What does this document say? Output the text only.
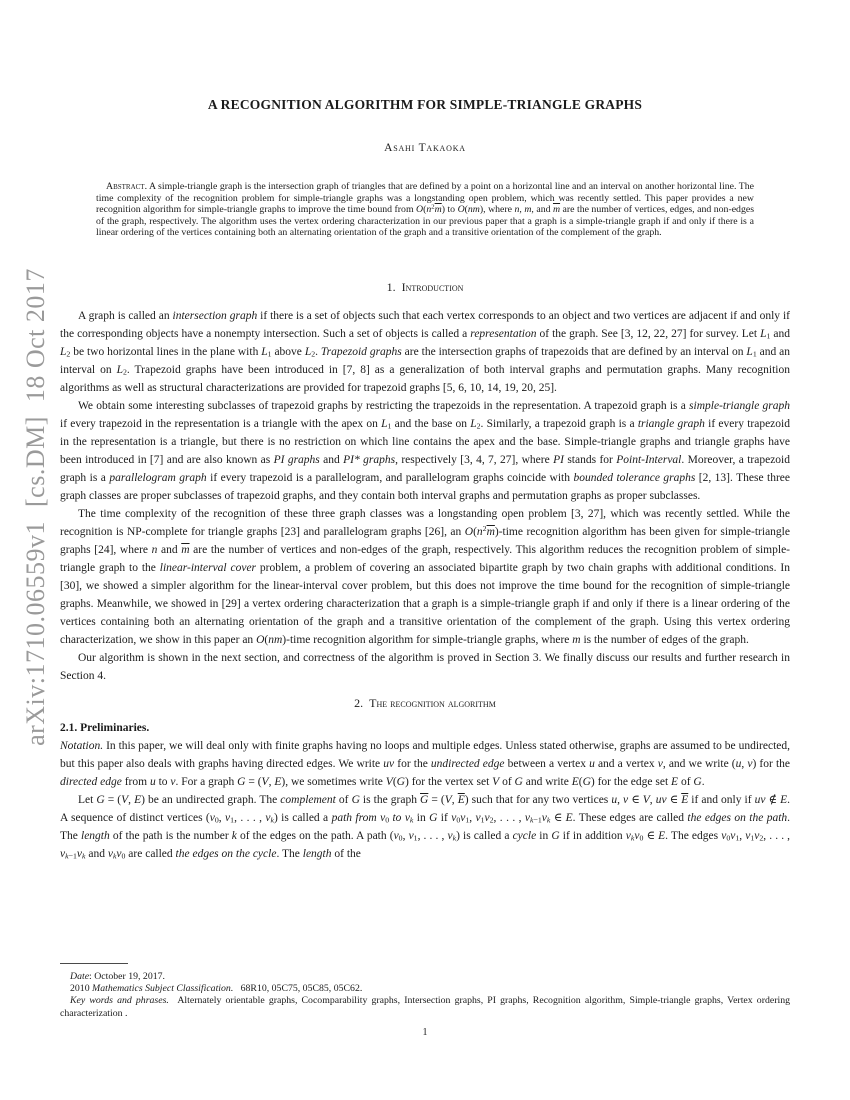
arXiv:1710.06559v1  [cs.DM]  18 Oct 2017
A RECOGNITION ALGORITHM FOR SIMPLE-TRIANGLE GRAPHS
Asahi Takaoka
Abstract. A simple-triangle graph is the intersection graph of triangles that are defined by a point on a horizontal line and an interval on another horizontal line. The time complexity of the recognition problem for simple-triangle graphs was a longstanding open problem, which was recently settled. This paper provides a new recognition algorithm for simple-triangle graphs to improve the time bound from $O(n^2\overline{m})$ to O(nm), where n, m, and $\overline{m}$ are the number of vertices, edges, and non-edges of the graph, respectively. The algorithm uses the vertex ordering characterization in our previous paper that a graph is a simple-triangle graph if and only if there is a linear ordering of the vertices containing both an alternating orientation of the graph and a transitive orientation of the complement of the graph.
1. Introduction

A graph is called an intersection graph if there is a set of objects such that each vertex corresponds to an object and two vertices are adjacent if and only if the corresponding objects have a nonempty intersection. Such a set of objects is called a representation of the graph. See [3, 12, 22, 27] for survey. Let $L_1$ and $L_2$ be two horizontal lines in the plane with $L_1$ above $L_2$. Trapezoid graphs are the intersection graphs of trapezoids that are defined by an interval on $L_1$ and an interval on $L_2$. Trapezoid graphs have been introduced in [7, 8] as a generalization of both interval graphs and permutation graphs. Many recognition algorithms as well as structural characterizations are provided for trapezoid graphs [5, 6, 10, 14, 19, 20, 25].

We obtain some interesting subclasses of trapezoid graphs by restricting the trapezoids in the representation. A trapezoid graph is a simple-triangle graph if every trapezoid in the representation is a triangle with the apex on $L_1$ and the base on $L_2$. Similarly, a trapezoid graph is a triangle graph if every trapezoid in the representation is a triangle, but there is no restriction on which line contains the apex and the base. Simple-triangle graphs and triangle graphs have been introduced in [7] and are also known as PI graphs and PI* graphs, respectively [3, 4, 7, 27], where PI stands for Point-Interval. Moreover, a trapezoid graph is a parallelogram graph if every trapezoid is a parallelogram, and parallelogram graphs coincide with bounded tolerance graphs [2, 13]. These three graph classes are proper subclasses of trapezoid graphs, and they contain both interval graphs and permutation graphs as proper subclasses.

The time complexity of the recognition of these three graph classes was a longstanding open problem [3, 27], which was recently settled. While the recognition is NP-complete for triangle graphs [23] and parallelogram graphs [26], an $O(n^2\overline{m})$-time recognition algorithm has been given for simple-triangle graphs [24], where n and $\overline{m}$ are the number of vertices and non-edges of the graph, respectively. This algorithm reduces the recognition problem of simple-triangle graph to the linear-interval cover problem, a problem of covering an associated bipartite graph by two chain graphs with additional conditions. In [30], we showed a simpler algorithm for the linear-interval cover problem, but this does not improve the time bound for the recognition of simple-triangle graphs. Meanwhile, we showed in [29] a vertex ordering characterization that a graph is a simple-triangle graph if and only if there is a linear ordering of the vertices containing both an alternating orientation of the graph and a transitive orientation of the complement of the graph. Using this vertex ordering characterization, we show in this paper an O(nm)-time recognition algorithm for simple-triangle graphs, where m is the number of edges of the graph.

Our algorithm is shown in the next section, and correctness of the algorithm is proved in Section 3. We finally discuss our results and further research in Section 4.

2. The recognition algorithm
2.1. Preliminaries.

Notation. In this paper, we will deal only with finite graphs having no loops and multiple edges. Unless stated otherwise, graphs are assumed to be undirected, but this paper also deals with graphs having directed edges. We write uv for the undirected edge between a vertex u and a vertex v, and we write (u, v) for the directed edge from u to v. For a graph G = (V, E), we sometimes write V(G) for the vertex set V of G and write E(G) for the edge set E of G.

Let G = (V, E) be an undirected graph. The complement of G is the graph $\overline{G} = (V$, $\overline{E}$) such that for any two vertices u, v ∈ V, uv ∈ $\overline{E}$ if and only if uv ∉ E. A sequence of distinct vertices ($v_0$, $v_1$, . . . , $v_k$) is called a path from $v_0$ to $v_k$ in G if $v_0v_1$, $v_1v_2$, . . . , $v_{k-1}v_k$ ∈ E. These edges are called the edges on the path. The length of the path is the number k of the edges on the path. A path ($v_0$, $v_1$, . . . , $v_k$) is called a cycle in G if in addition $v_kv_0$ ∈ E. The edges $v_0v_1$, $v_1v_2$, . . . , $v_{k-1}v_k$ and $v_kv_0$ are called the edges on the cycle. The length of the

Date: October 19, 2017.
2010 Mathematics Subject Classification.  68R10, 05C75, 05C85, 05C62.
Key words and phrases.  Alternately orientable graphs, Cocomparability graphs, Intersection graphs, PI graphs, Recognition algorithm, Simple-triangle graphs, Vertex ordering characterization .
1
